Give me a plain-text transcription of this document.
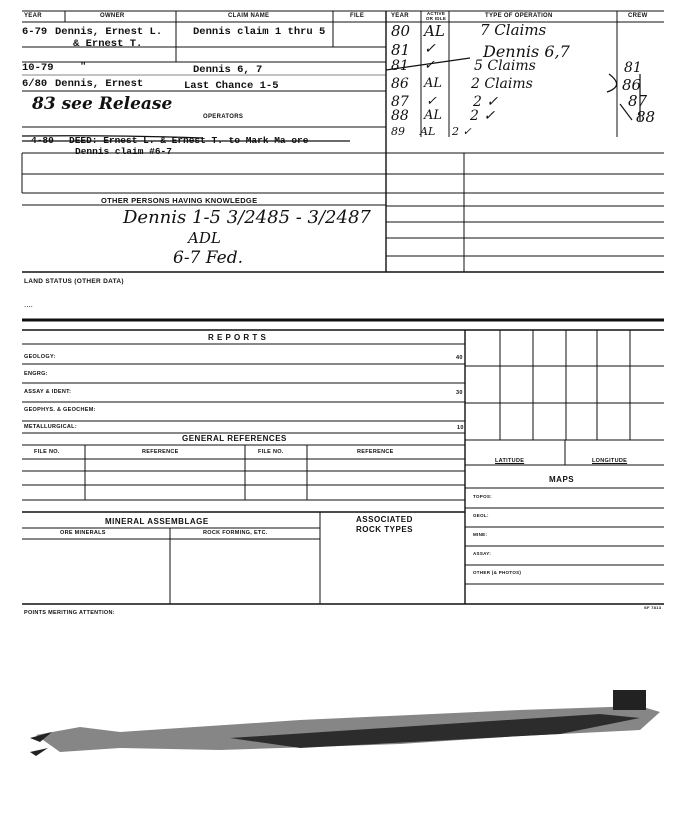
YEAR	OWNER	CLAIM NAME	FILE
6-79 Dennis, Ernest L.	Dennis claim 1 thru 5
& Ernest T.
10-79	"	Dennis 6, 7
6/80 Dennis, Ernest	Last Chance 1-5
83 see Release
OPERATORS
4-80 DEED: Ernest L. & Ernest T. to Mark Ma ore
Dennis claim #6-7
OTHER PERSONS HAVING KNOWLEDGE
Dennis 1-5 3/2485 - 3/2487
ADL
6-7 Fed.
YEAR	ACTIVE OR IDLE	TYPE OF OPERATION	CREW
80 AL 7 Claims
81 ✓	Dennis 6,7
81 ✓	5 Claims	81
86 AL 2 Claims	86
87 ✓	2 ✓	87
88 AL 2 ✓	88
89 AL 2 ✓
LAND STATUS (OTHER DATA)
....
R E P O R T S
GEOLOGY:	40
ENGRG:
ASSAY & IDENT:	30
GEOPHYS. & GEOCHEM:
METALLURGICAL:	10
GENERAL REFERENCES
FILE NO.	REFERENCE	FILE NO.	REFERENCE
LATITUDE	LONGITUDE
MAPS
TOPOS:
GEOL:
MINE:
ASSAY:
OTHER (& PHOTOS)
MINERAL ASSEMBLAGE
ORE MINERALS	ROCK FORMING, ETC.
ASSOCIATED
ROCK TYPES
POINTS MERITING ATTENTION:
SF 7813
